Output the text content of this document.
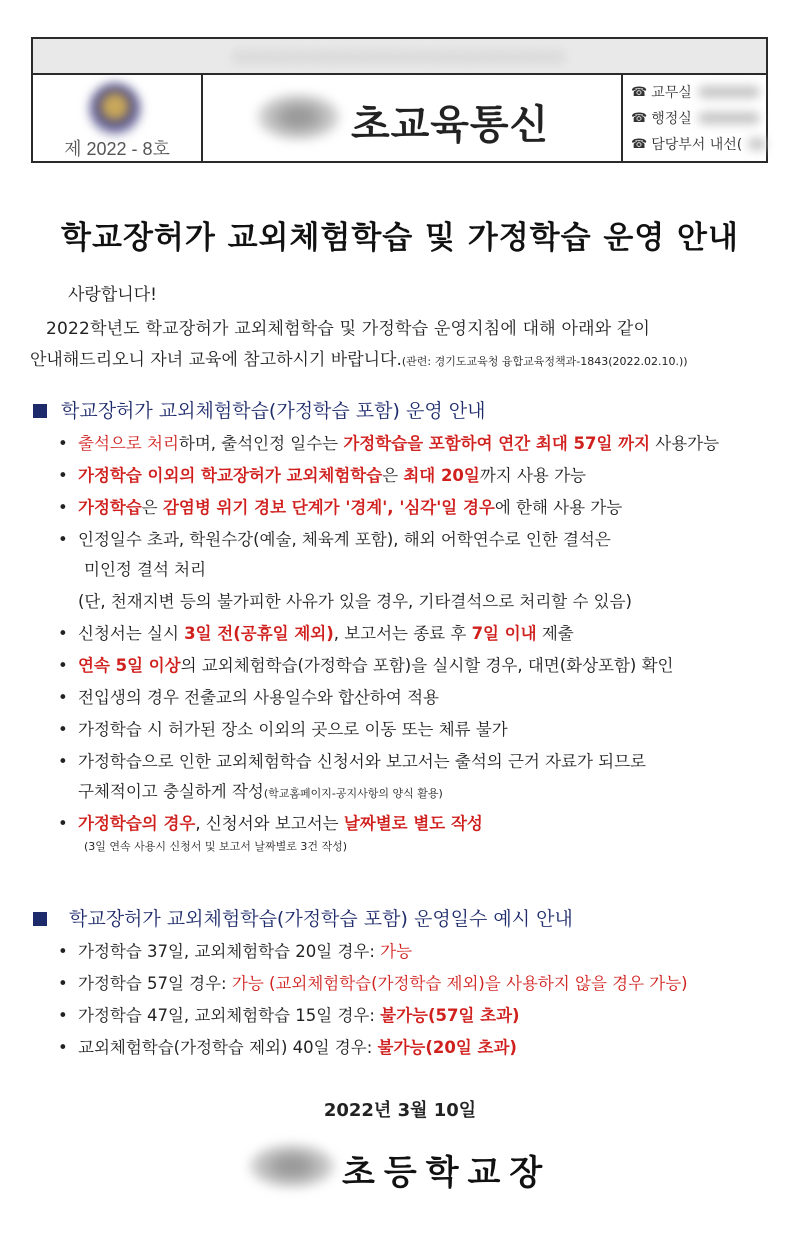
○○○○○○○○○○○○○○○○○○○○○○
제 2022 - 8호
초교육통신
☎ 교무실
☎ 행정실
☎ 담당부서 내선(
학교장허가 교외체험학습 및 가정학습 운영 안내
사랑합니다!
2022학년도 학교장허가 교외체험학습 및 가정학습 운영지침에 대해 아래와 같이
안내해드리오니 자녀 교육에 참고하시기 바랍니다.(관련: 경기도교육청 융합교육정책과-1843(2022.02.10.))
학교장허가 교외체험학습(가정학습 포함) 운영 안내
• 출석으로 처리하며, 출석인정 일수는 가정학습을 포함하여 연간 최대 57일 까지 사용가능
• 가정학습 이외의 학교장허가 교외체험학습은 최대 20일까지 사용 가능
• 가정학습은 감염병 위기 경보 단계가 '경계', '심각'일 경우에 한해 사용 가능
• 인정일수 초과, 학원수강(예술, 체육계 포함), 해외 어학연수로 인한 결석은
미인정 결석 처리
(단, 천재지변 등의 불가피한 사유가 있을 경우, 기타결석으로 처리할 수 있음)
• 신청서는 실시 3일 전(공휴일 제외), 보고서는 종료 후 7일 이내 제출
• 연속 5일 이상의 교외체험학습(가정학습 포함)을 실시할 경우, 대면(화상포함) 확인
• 전입생의 경우 전출교의 사용일수와 합산하여 적용
• 가정학습 시 허가된 장소 이외의 곳으로 이동 또는 체류 불가
• 가정학습으로 인한 교외체험학습 신청서와 보고서는 출석의 근거 자료가 되므로
구체적이고 충실하게 작성(학교홈페이지-공지사항의 양식 활용)
• 가정학습의 경우, 신청서와 보고서는 날짜별로 별도 작성
(3일 연속 사용시 신청서 및 보고서 날짜별로 3건 작성)
학교장허가 교외체험학습(가정학습 포함) 운영일수 예시 안내
• 가정학습 37일, 교외체험학습 20일 경우: 가능
• 가정학습 57일 경우: 가능 (교외체험학습(가정학습 제외)을 사용하지 않을 경우 가능)
• 가정학습 47일, 교외체험학습 15일 경우: 불가능(57일 초과)
• 교외체험학습(가정학습 제외) 40일 경우: 불가능(20일 초과)
2022년 3월 10일
초등학교장
